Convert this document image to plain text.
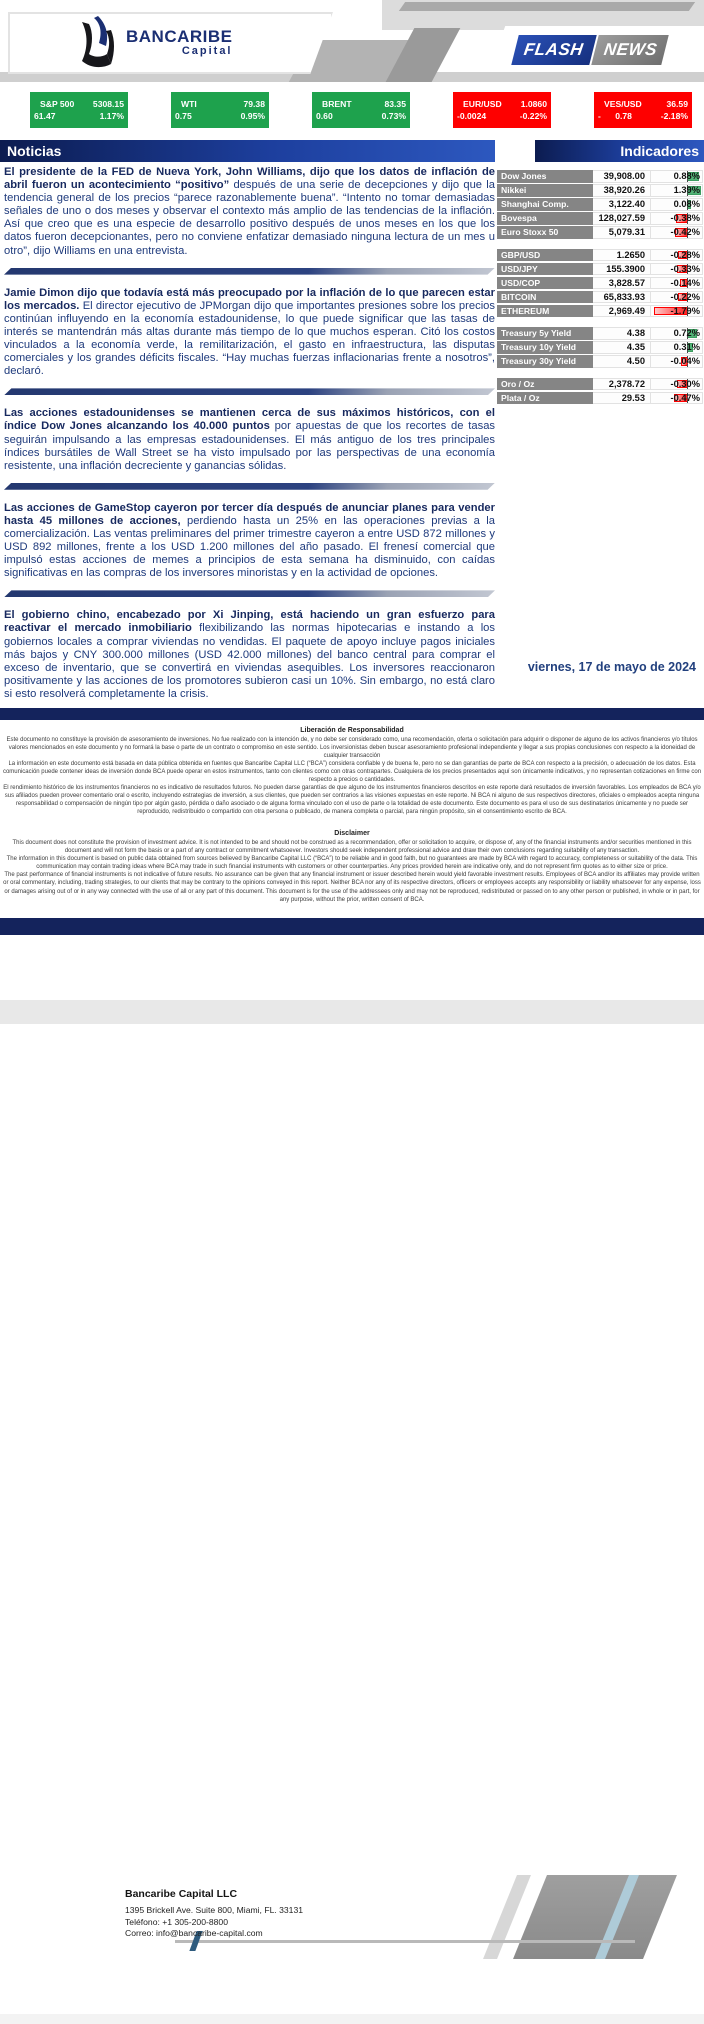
BANCARIBE
Capital	FLASH NEWS
S&P 500 5308.15
61.47	1.17%
WTI	79.38
0.75	0.95%
BRENT	83.35
0.60	0.73%
EUR/USD 1.0860
-0.0024	-0.22%
VES/USD	36.59
-      0.78	-2.18%
Noticias	Indicadores

El presidente de la FED de Nueva York, John Williams, dijo que los datos de inflación de abril fueron un acontecimiento “positivo” después de una serie de decepciones y dijo que la tendencia general de los precios “parece razonablemente buena”. “Intento no tomar demasiadas señales de uno o dos meses y observar el contexto más amplio de las tendencias de la inflación. Así que creo que es una especie de desarrollo positivo después de unos meses en los que los datos fueron decepcionantes, pero no conviene enfatizar demasiado ninguna lectura de un mes u otro”, dijo Williams en una entrevista.

Jamie Dimon dijo que todavía está más preocupado por la inflación de lo que parecen estar los mercados. El director ejecutivo de JPMorgan dijo que importantes presiones sobre los precios continúan influyendo en la economía estadounidense, lo que puede significar que las tasas de interés se mantendrán más altas durante más tiempo de lo que muchos esperan. Citó los costos vinculados a la economía verde, la remilitarización, el gasto en infraestructura, las disputas comerciales y los grandes déficits fiscales. “Hay muchas fuerzas inflacionarias frente a nosotros”, declaró.

Las acciones estadounidenses se mantienen cerca de sus máximos históricos, con el índice Dow Jones alcanzando los 40.000 puntos por apuestas de que los recortes de tasas seguirán impulsando a las empresas estadounidenses. El más antiguo de los tres principales índices bursátiles de Wall Street se ha visto impulsado por las perspectivas de una economía resistente, una inflación decreciente y ganancias sólidas.

Las acciones de GameStop cayeron por tercer día después de anunciar planes para vender hasta 45 millones de acciones, perdiendo hasta un 25% en las operaciones previas a la comercialización. Las ventas preliminares del primer trimestre cayeron a entre USD 872 millones y USD 892 millones, frente a los USD 1.200 millones del año pasado. El frenesí comercial que impulsó estas acciones de memes a principios de esta semana ha disminuido, con caídas significativas en las compras de los inversores minoristas y en la actividad de opciones.

El gobierno chino, encabezado por Xi Jinping, está haciendo un gran esfuerzo para reactivar el mercado inmobiliario flexibilizando las normas hipotecarias e instando a los gobiernos locales a comprar viviendas no vendidas. El paquete de apoyo incluye pagos iniciales más bajos y CNY 300.000 millones (USD 42.000 millones) del banco central para comprar el exceso de inventario, que se convertirá en viviendas asequibles. Los inversores reaccionaron positivamente y las acciones de los promotores subieron casi un 10%. Sin embargo, no está claro si esto resolverá completamente la crisis.

viernes, 17 de mayo de 2024
Dow Jones	39,908.00	0.88%
Nikkei	38,920.26	1.39%
Shanghai Comp.	3,122.40	0.08%
Bovespa	128,027.59	-0.38%
Euro Stoxx 50	5,079.31	-0.42%
GBP/USD	1.2650	-0.28%
USD/JPY	155.3900	-0.33%
USD/COP	3,828.57	-0.14%
BITCOIN	65,833.93	-0.22%
ETHEREUM	2,969.49	-1.79%
Treasury 5y Yield	4.38	0.72%
Treasury 10y Yield	4.35	0.31%
Treasury 30y Yield	4.50	-0.04%
Oro / Oz	2,378.72	-0.30%
Plata / Oz	29.53	-0.47%
Liberación de Responsabilidad

Este documento no constituye la provisión de asesoramiento de inversiones. No fue realizado con la intención de, y no debe ser considerado como, una recomendación, oferta o solicitación para adquirir o disponer de alguno de los activos financieros y/o títulos valores mencionados en este documento y no formará la base o parte de un contrato o compromiso en este sentido. Los inversionistas deben buscar asesoramiento profesional independiente y llegar a sus propias conclusiones con respecto a la idoneidad de cualquier transacción

La información en este documento está basada en data pública obtenida en fuentes que Bancaribe Capital LLC (“BCA”) considera confiable y de buena fe, pero no se dan garantías de parte de BCA con respecto a la precisión, o adecuación de los datos. Esta comunicación puede contener ideas de inversión donde BCA puede operar en estos instrumentos, tanto con clientes como con otras contrapartes. Cualquiera de los precios presentados aquí son únicamente indicativos, y no representan cotizaciones en firme con respecto a precios o cantidades.

El rendimiento histórico de los instrumentos financieros no es indicativo de resultados futuros. No pueden darse garantías de que alguno de los instrumentos financieros descritos en este reporte dará resultados de inversión favorables. Los empleados de BCA y/o sus afiliados pueden proveer comentario oral o escrito, incluyendo estrategias de inversión, a sus clientes, que pueden ser contrarios a las visiones expuestas en este reporte. Ni BCA ni alguno de sus respectivos directores, oficiales o empleados acepta ninguna responsabilidad o compensación de ningún tipo por algún gasto, pérdida o daño asociado o de alguna forma vinculado con el uso de parte o la totalidad de este documento. Este documento es para el uso de sus destinatarios únicamente y no puede ser reproducido, redistribuido o compartido con otra persona o publicado, de manera completa o parcial, para ningún propósito, sin el consentimiento escrito de BCA.

Disclaimer

This document does not constitute the provision of investment advice. It is not intended to be and should not be construed as a recommendation, offer or solicitation to acquire, or dispose of, any of the financial instruments and/or securities mentioned in this document and will not form the basis or a part of any contract or commitment whatsoever. Investors should seek independent professional advice and draw their own conclusions regarding suitability of any transaction.

The information in this document is based on public data obtained from sources believed by Bancaribe Capital LLC (“BCA”) to be reliable and in good faith, but no guarantees are made by BCA with regard to accuracy, completeness or suitability of the data. This communication may contain trading ideas where BCA may trade in such financial instruments with customers or other counterparties. Any prices provided herein are indicative only, and do not represent firm quotes as to either size or price.

The past performance of financial instruments is not indicative of future results. No assurance can be given that any financial instrument or issuer described herein would yield favorable investment results. Employees of BCA and/or its affiliates may provide written or oral commentary, including, trading strategies, to our clients that may be contrary to the opinions conveyed in this report. Neither BCA nor any of its respective directors, officers or employees accepts any responsibility or liability whatsoever for any expense, loss or damages arising out of or in any way connected with the use of all or any part of this document. This document is for the use of the addressees only and may not be reproduced, redistributed or passed on to any other person or published, in whole or in part, for any purpose, without the prior, written consent of BCA.

Bancaribe Capital LLC
1395 Brickell Ave. Suite 800, Miami, FL. 33131
Teléfono: +1 305-200-8800
Correo: info@bancaribe-capital.com
